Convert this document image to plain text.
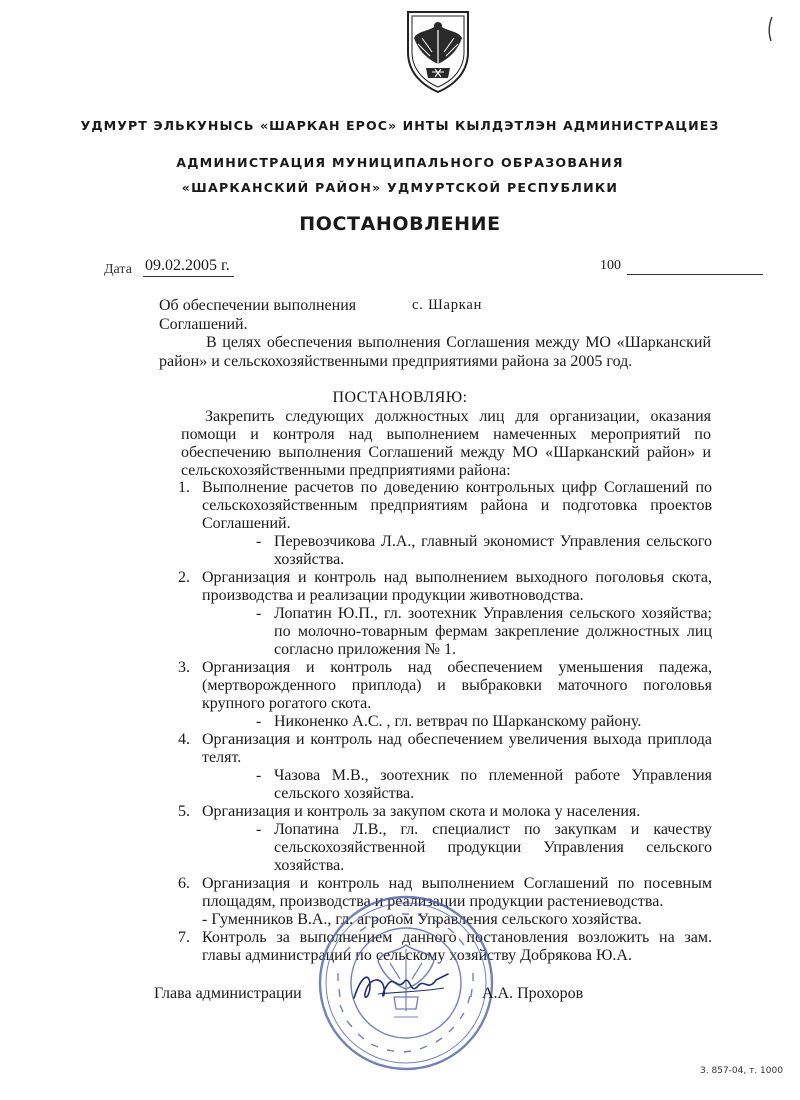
УДМУРТ ЭЛЬКУНЫСЬ «ШАРКАН ЕРОС» ИНТЫ КЫЛДЭТЛЭН АДМИНИСТРАЦИЕЗ
АДМИНИСТРАЦИЯ МУНИЦИПАЛЬНОГО ОБРАЗОВАНИЯ
«ШАРКАНСКИЙ РАЙОН» УДМУРТСКОЙ РЕСПУБЛИКИ
ПОСТАНОВЛЕНИЕ
Дата 09.02.2005 г.	100
Об обеспечении выполнения
Соглашений.
с. Шаркан
В целях обеспечения выполнения Соглашения между МО «Шарканский район» и сельскохозяйственными предприятиями района за 2005 год.
ПОСТАНОВЛЯЮ:
Закрепить следующих должностных лиц для организации, оказания помощи и контроля над выполнением намеченных мероприятий по обеспечению выполнения Соглашений между МО «Шарканский район» и сельскохозяйственными предприятиями района:
1. Выполнение расчетов по доведению контрольных цифр Соглашений по сельскохозяйственным предприятиям района и подготовка проектов Соглашений.
- Перевозчикова Л.А., главный экономист Управления сельского хозяйства.
2. Организация и контроль над выполнением выходного поголовья скота, производства и реализации продукции животноводства.
- Лопатин Ю.П., гл. зоотехник Управления сельского хозяйства; по молочно-товарным фермам закрепление должностных лиц согласно приложения № 1.
3. Организация и контроль над обеспечением уменьшения падежа, (мертворожденного приплода) и выбраковки маточного поголовья крупного рогатого скота.
- Никоненко А.С. , гл. ветврач по Шарканскому району.
4. Организация и контроль над обеспечением увеличения выхода приплода телят.
- Чазова М.В., зоотехник по племенной работе Управления сельского хозяйства.
5. Организация и контроль за закупом скота и молока у населения.
- Лопатина Л.В., гл. специалист по закупкам и качеству сельскохозяйственной продукции Управления сельского хозяйства.
6. Организация и контроль над выполнением Соглашений по посевным площадям, производства и реализации продукции растениеводства.
- Гуменников В.А., гл. агроном Управления сельского хозяйства.
7. Контроль за выполнением данного постановления возложить на зам. главы администрации по сельскому хозяйству Добрякова Ю.А.
Глава администрации	А.А. Прохоров
З. 857-04, т. 1000
